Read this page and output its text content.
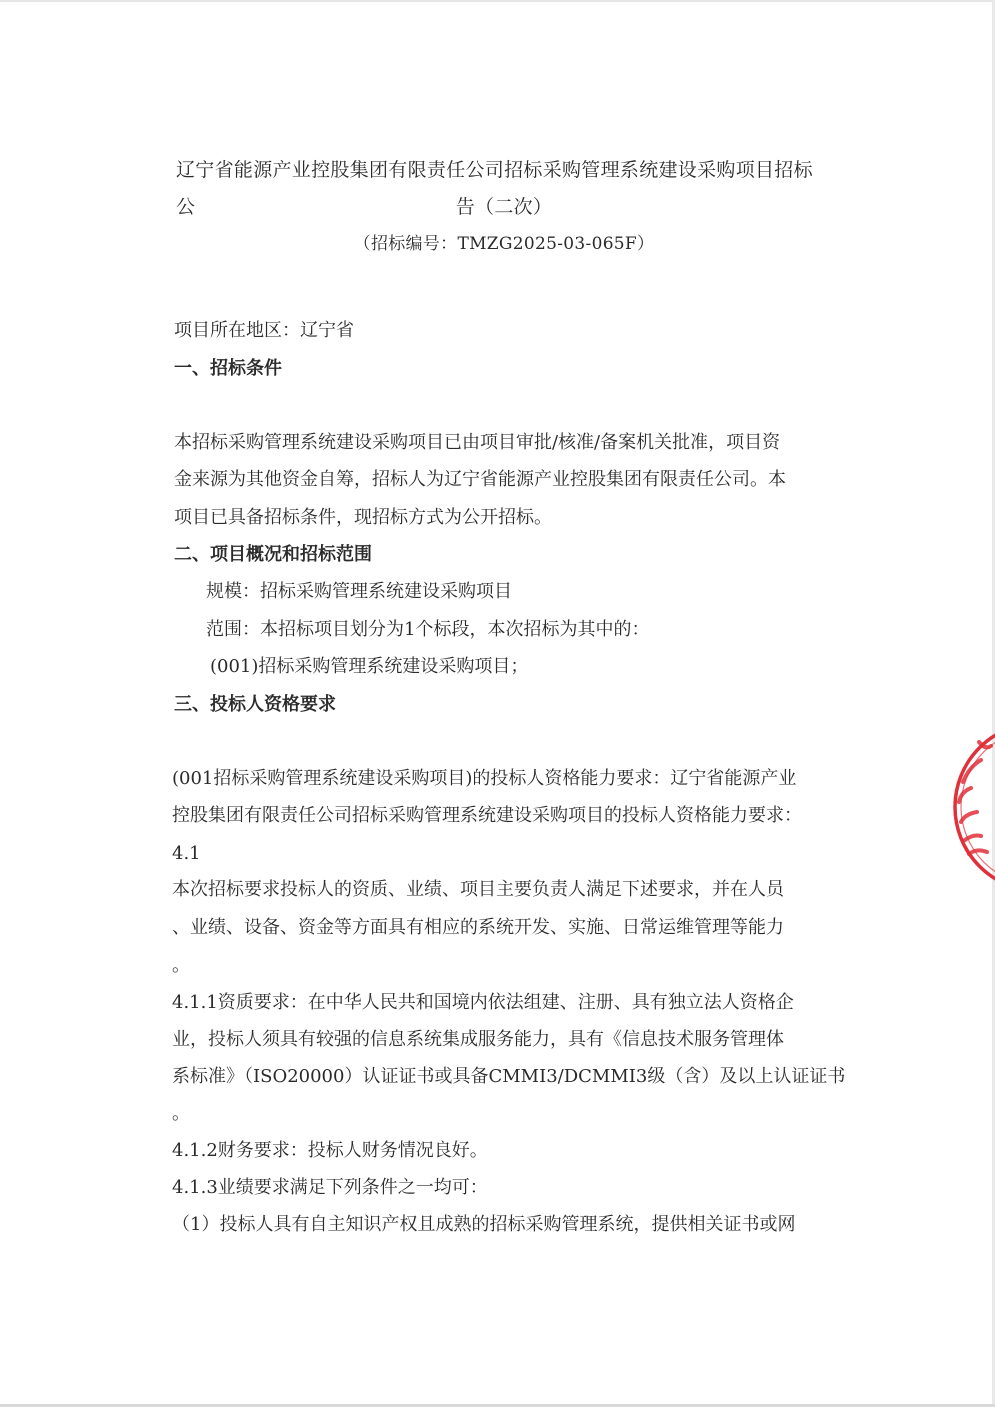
辽宁省能源产业控股集团有限责任公司招标采购管理系统建设采购项目招标公	告（二次）
（招标编号：TMZG2025-03-065F）
项目所在地区：辽宁省
一、招标条件
本招标采购管理系统建设采购项目已由项目审批/核准/备案机关批准，项目资
金来源为其他资金自筹，招标人为辽宁省能源产业控股集团有限责任公司。本
项目已具备招标条件，现招标方式为公开招标。
二、项目概况和招标范围
规模：招标采购管理系统建设采购项目
范围：本招标项目划分为1个标段，本次招标为其中的：
(001)招标采购管理系统建设采购项目；
三、投标人资格要求
(001招标采购管理系统建设采购项目)的投标人资格能力要求：辽宁省能源产业
控股集团有限责任公司招标采购管理系统建设采购项目的投标人资格能力要求：
4.1
本次招标要求投标人的资质、业绩、项目主要负责人满足下述要求，并在人员
、业绩、设备、资金等方面具有相应的系统开发、实施、日常运维管理等能力
。
4.1.1资质要求：在中华人民共和国境内依法组建、注册、具有独立法人资格企
业，投标人须具有较强的信息系统集成服务能力，具有《信息技术服务管理体
系标准》（ISO20000）认证证书或具备CMMI3/DCMMI3级（含）及以上认证证书
。
4.1.2财务要求：投标人财务情况良好。
4.1.3业绩要求满足下列条件之一均可：
（1）投标人具有自主知识产权且成熟的招标采购管理系统，提供相关证书或网
